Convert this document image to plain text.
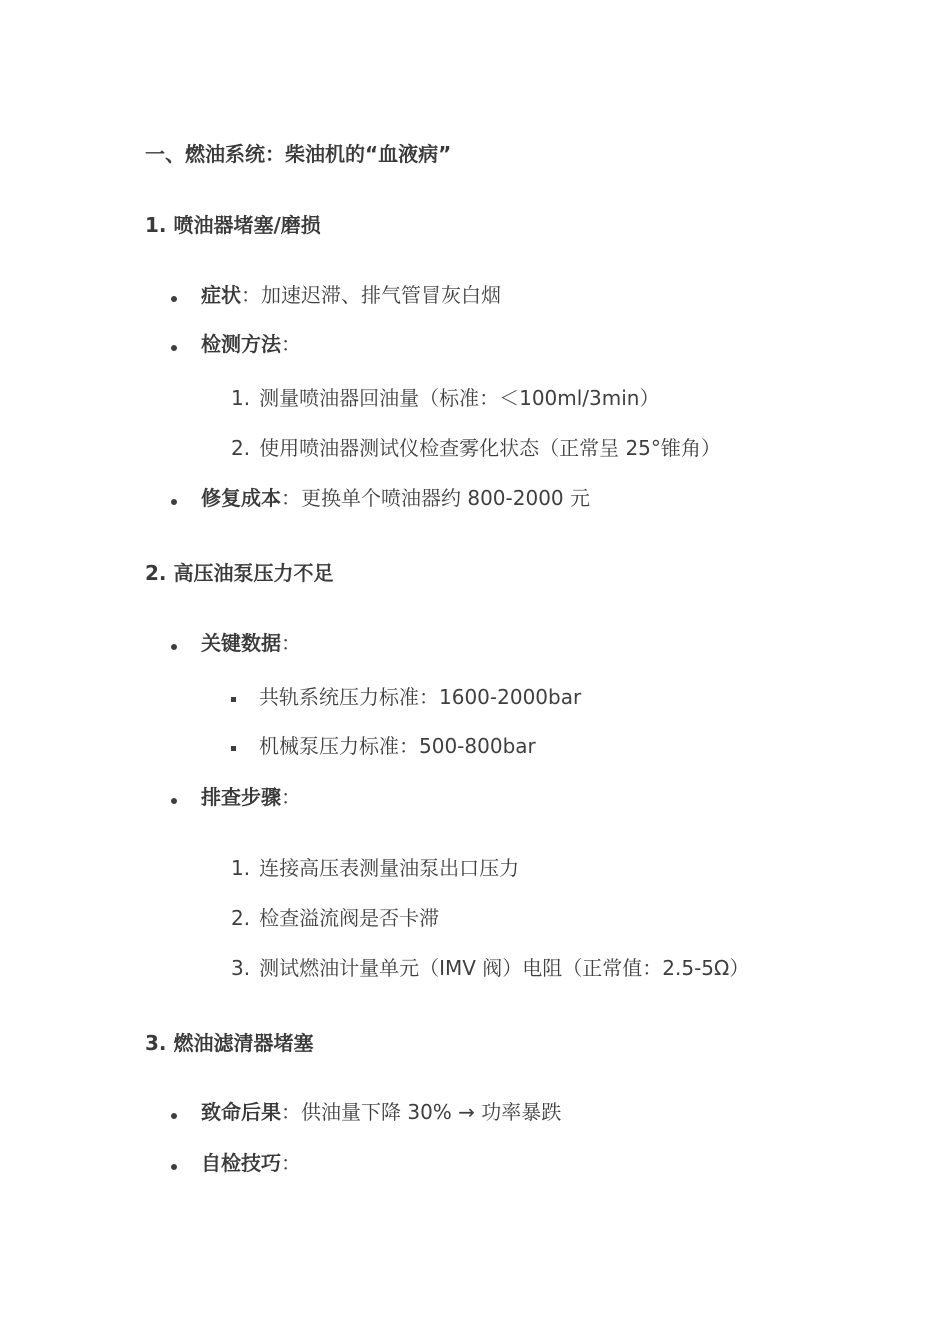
一、燃油系统：柴油机的“血液病”
1. 喷油器堵塞/磨损
症状：加速迟滞、排气管冒灰白烟
检测方法：
1. 测量喷油器回油量（标准：＜100ml/3min）
2. 使用喷油器测试仪检查雾化状态（正常呈 25°锥角）
修复成本：更换单个喷油器约 800-2000 元
2. 高压油泵压力不足
关键数据：
共轨系统压力标准：1600-2000bar
机械泵压力标准：500-800bar
排查步骤：
1. 连接高压表测量油泵出口压力
2. 检查溢流阀是否卡滞
3. 测试燃油计量单元（IMV 阀）电阻（正常值：2.5-5Ω）
3. 燃油滤清器堵塞
致命后果：供油量下降 30% → 功率暴跌
自检技巧：
